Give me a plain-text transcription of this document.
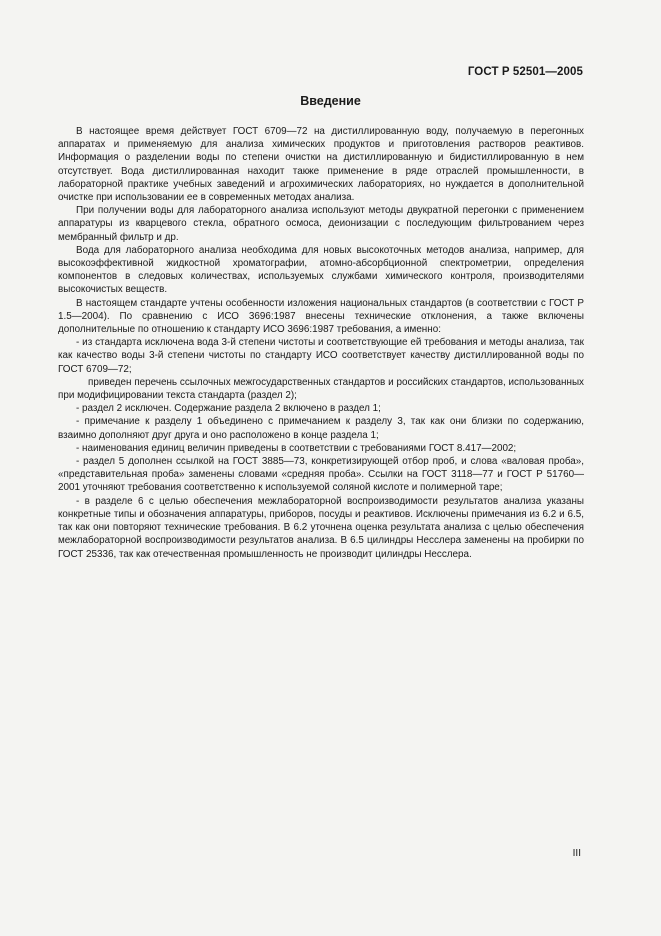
ГОСТ Р 52501—2005
Введение

В настоящее время действует ГОСТ 6709—72 на дистиллированную воду, получаемую в перегонных аппаратах и применяемую для анализа химических продуктов и приготовления растворов реактивов. Информация о разделении воды по степени очистки на дистиллированную и бидистиллированную в нем отсутствует. Вода дистиллированная находит также применение в ряде отраслей промышленности, в лабораторной практике учебных заведений и агрохимических лабораториях, но нуждается в дополнительной очистке при использовании ее в современных методах анализа.

При получении воды для лабораторного анализа используют методы двукратной перегонки с применением аппаратуры из кварцевого стекла, обратного осмоса, деионизации с последующим фильтрованием через мембранный фильтр и др.

Вода для лабораторного анализа необходима для новых высокоточных методов анализа, например, для высокоэффективной жидкостной хроматографии, атомно-абсорбционной спектрометрии, определения компонентов в следовых количествах, используемых службами химического контроля, производителями высокочистых веществ.

В настоящем стандарте учтены особенности изложения национальных стандартов (в соответствии с ГОСТ Р 1.5—2004). По сравнению с ИСО 3696:1987 внесены технические отклонения, а также включены дополнительные по отношению к стандарту ИСО 3696:1987 требования, а именно:

- из стандарта исключена вода 3-й степени чистоты и соответствующие ей требования и методы анализа, так как качество воды 3-й степени чистоты по стандарту ИСО соответствует качеству дистиллированной воды по ГОСТ 6709—72;

приведен перечень ссылочных межгосударственных стандартов и российских стандартов, использованных при модифицировании текста стандарта (раздел 2);

- раздел 2 исключен. Содержание раздела 2 включено в раздел 1;

- примечание к разделу 1 объединено с примечанием к разделу 3, так как они близки по содержанию, взаимно дополняют друг друга и оно расположено в конце раздела 1;

- наименования единиц величин приведены в соответствии с требованиями ГОСТ 8.417—2002;

- раздел 5 дополнен ссылкой на ГОСТ 3885—73, конкретизирующей отбор проб, и слова «валовая проба», «представительная проба» заменены словами «средняя проба». Ссылки на ГОСТ 3118—77 и ГОСТ Р 51760—2001 уточняют требования соответственно к используемой соляной кислоте и полимерной таре;

- в разделе 6 с целью обеспечения межлабораторной воспроизводимости результатов анализа указаны конкретные типы и обозначения аппаратуры, приборов, посуды и реактивов. Исключены примечания из 6.2 и 6.5, так как они повторяют технические требования. В 6.2 уточнена оценка результата анализа с целью обеспечения межлабораторной воспроизводимости результатов анализа. В 6.5 цилиндры Несслера заменены на пробирки по ГОСТ 25336, так как отечественная промышленность не производит цилиндры Несслера.

III
